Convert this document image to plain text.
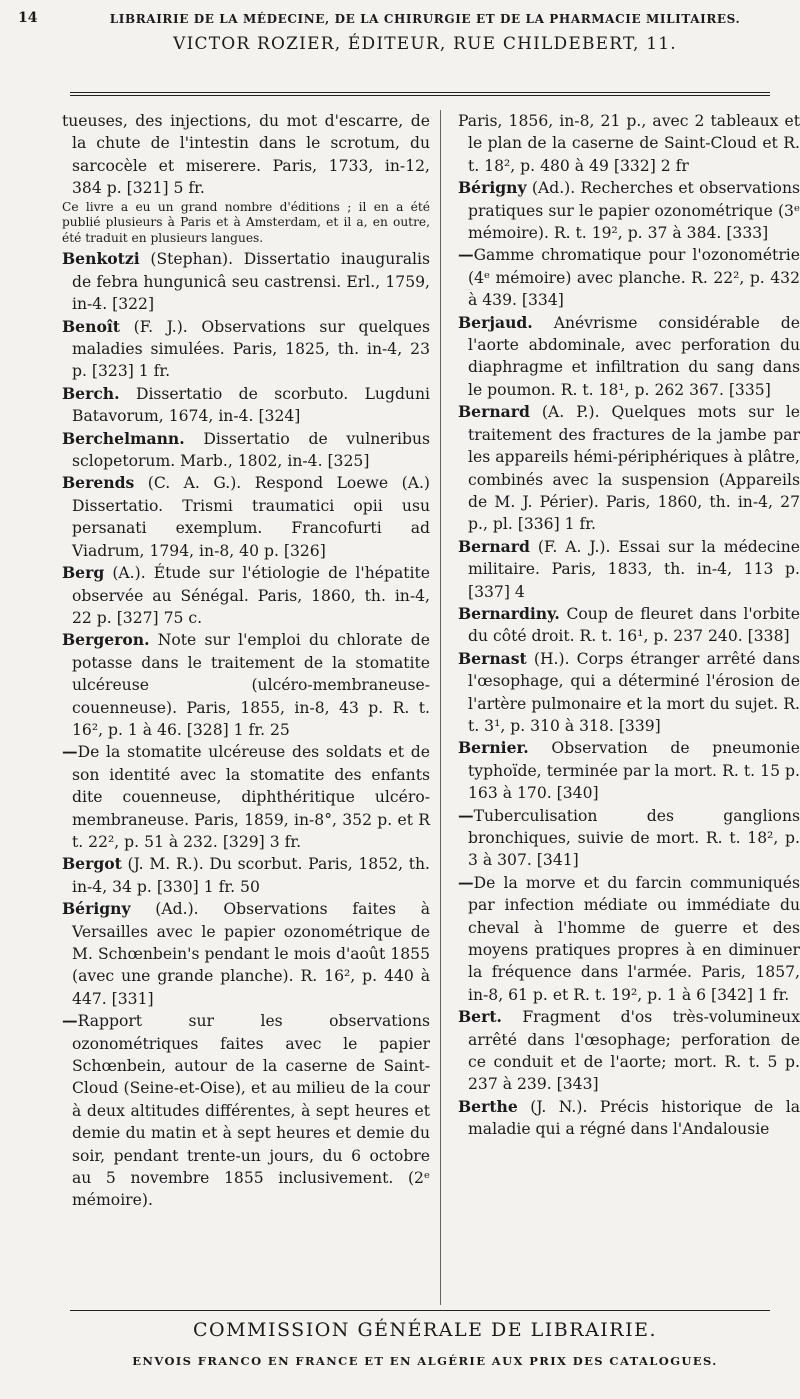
14	LIBRAIRIE DE LA MÉDECINE, DE LA CHIRURGIE ET DE LA PHARMACIE MILITAIRES.
VICTOR ROZIER, ÉDITEUR, RUE CHILDEBERT, 11.

tueuses, des injections, du mot d'escarre, de la chute de l'intestin dans le scrotum, du sarcocèle et miserere. Paris, 1733, in-12, 384 p. [321] 5 fr.

Ce livre a eu un grand nombre d'éditions ; il en a été publié plusieurs à Paris et à Amsterdam, et il a, en outre, été traduit en plusieurs langues.

Benkotzi (Stephan). Dissertatio inauguralis de febra hungunicâ seu castrensi. Erl., 1759, in-4. [322]

Benoît (F. J.). Observations sur quelques maladies simulées. Paris, 1825, th. in-4, 23 p. [323] 1 fr.

Berch. Dissertatio de scorbuto. Lugduni Batavorum, 1674, in-4. [324]

Berchelmann. Dissertatio de vulneribus sclopetorum. Marb., 1802, in-4. [325]

Berends (C. A. G.). Respond Loewe (A.) Dissertatio. Trismi traumatici opii usu persanati exemplum. Francofurti ad Viadrum, 1794, in-8, 40 p. [326]

Berg (A.). Étude sur l'étiologie de l'hépatite observée au Sénégal. Paris, 1860, th. in-4, 22 p. [327] 75 c.

Bergeron. Note sur l'emploi du chlorate de potasse dans le traitement de la stomatite ulcéreuse (ulcéro-membraneuse-couenneuse). Paris, 1855, in-8, 43 p. R. t. 16², p. 1 à 46. [328] 1 fr. 25

—De la stomatite ulcéreuse des soldats et de son identité avec la stomatite des enfants dite couenneuse, diphthéritique ulcéro-membraneuse. Paris, 1859, in-8°, 352 p. et R t. 22², p. 51 à 232. [329] 3 fr.

Bergot (J. M. R.). Du scorbut. Paris, 1852, th. in-4, 34 p. [330] 1 fr. 50

Bérigny (Ad.). Observations faites à Versailles avec le papier ozonométrique de M. Schœnbein's pendant le mois d'août 1855 (avec une grande planche). R. 16², p. 440 à 447. [331]

—Rapport sur les observations ozonométriques faites avec le papier Schœnbein, autour de la caserne de Saint-Cloud (Seine-et-Oise), et au milieu de la cour à deux altitudes différentes, à sept heures et demie du matin et à sept heures et demie du soir, pendant trente-un jours, du 6 octobre au 5 novembre 1855 inclusivement. (2ᵉ mémoire).

Paris, 1856, in-8, 21 p., avec 2 tableaux et le plan de la caserne de Saint-Cloud et R. t. 18², p. 480 à 49 [332] 2 fr

Bérigny (Ad.). Recherches et observations pratiques sur le papier ozonométrique (3ᵉ mémoire). R. t. 19², p. 37 à 384. [333]

—Gamme chromatique pour l'ozonométrie (4ᵉ mémoire) avec planche. R. 22², p. 432 à 439. [334]

Berjaud. Anévrisme considérable de l'aorte abdominale, avec perforation du diaphragme et infiltration du sang dans le poumon. R. t. 18¹, p. 262 367. [335]

Bernard (A. P.). Quelques mots sur le traitement des fractures de la jambe par les appareils hémi-périphériques à plâtre, combinés avec la suspension (Appareils de M. J. Périer). Paris, 1860, th. in-4, 27 p., pl. [336] 1 fr.

Bernard (F. A. J.). Essai sur la médecine militaire. Paris, 1833, th. in-4, 113 p. [337] 4

Bernardiny. Coup de fleuret dans l'orbite du côté droit. R. t. 16¹, p. 237 240. [338]

Bernast (H.). Corps étranger arrêté dans l'œsophage, qui a déterminé l'érosion de l'artère pulmonaire et la mort du sujet. R. t. 3¹, p. 310 à 318. [339]

Bernier. Observation de pneumonie typhoïde, terminée par la mort. R. t. 15 p. 163 à 170. [340]

—Tuberculisation des ganglions bronchiques, suivie de mort. R. t. 18², p. 3 à 307. [341]

—De la morve et du farcin communiqués par infection médiate ou immédiate du cheval à l'homme de guerre et des moyens pratiques propres à en diminuer la fréquence dans l'armée. Paris, 1857, in-8, 61 p. et R. t. 19², p. 1 à 6 [342] 1 fr.

Bert. Fragment d'os très-volumineux arrêté dans l'œsophage; perforation de ce conduit et de l'aorte; mort. R. t. 5 p. 237 à 239. [343]

Berthe (J. N.). Précis historique de la maladie qui a régné dans l'Andalousie

COMMISSION GÉNÉRALE DE LIBRAIRIE.
ENVOIS FRANCO EN FRANCE ET EN ALGÉRIE AUX PRIX DES CATALOGUES.
